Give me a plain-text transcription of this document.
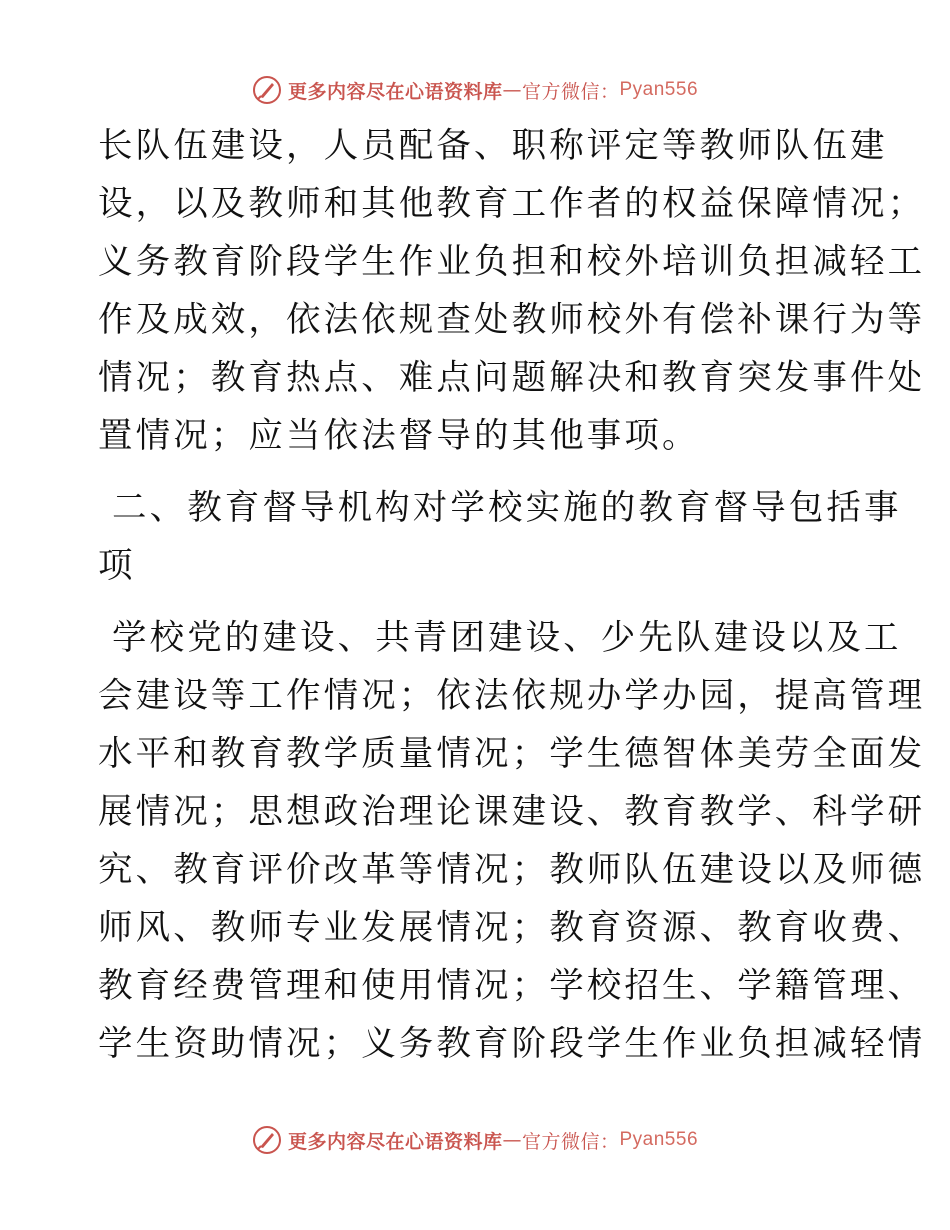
更多内容尽在心语资料库 — 官方微信： Pyan556
长队伍建设，人员配备、职称评定等教师队伍建
设，以及教师和其他教育工作者的权益保障情况；
义务教育阶段学生作业负担和校外培训负担减轻工
作及成效，依法依规查处教师校外有偿补课行为等
情况；教育热点、难点问题解决和教育突发事件处
置情况；应当依法督导的其他事项。
二、教育督导机构对学校实施的教育督导包括事
项
学校党的建设、共青团建设、少先队建设以及工
会建设等工作情况；依法依规办学办园，提高管理
水平和教育教学质量情况；学生德智体美劳全面发
展情况；思想政治理论课建设、教育教学、科学研
究、教育评价改革等情况；教师队伍建设以及师德
师风、教师专业发展情况；教育资源、教育收费、
教育经费管理和使用情况；学校招生、学籍管理、
学生资助情况；义务教育阶段学生作业负担减轻情
更多内容尽在心语资料库 — 官方微信： Pyan556
